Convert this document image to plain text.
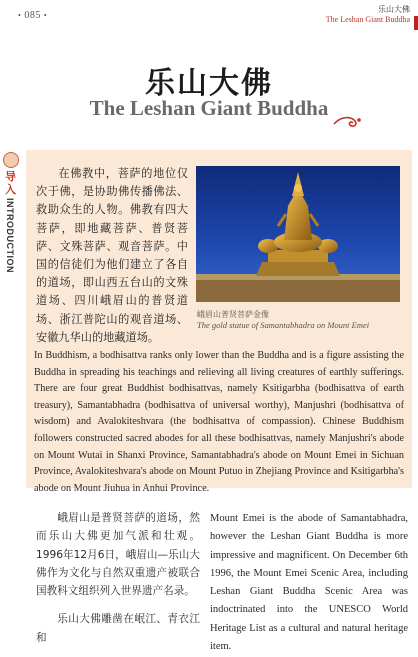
• 085 •
乐山大佛
The Leshan Giant Buddha
乐山大佛
The Leshan Giant Buddha
导入
INTRODUCTION
在佛教中，菩萨的地位仅次于佛，是协助佛传播佛法、救助众生的人物。佛教有四大菩萨，即地藏菩萨、普贤菩萨、文殊菩萨、观音菩萨。中国的信徒们为他们建立了各自的道场，即山西五台山的文殊道场、四川峨眉山的普贤道场、浙江普陀山的观音道场、安徽九华山的地藏道场。
峨眉山普贤菩萨金像
The gold statue of Samantabhadra on Mount Emei
In Buddhism, a bodhisattva ranks only lower than the Buddha and is a figure assisting the Buddha in spreading his teachings and relieving all living creatures of earthly sufferings. There are four great Buddhist bodhisattvas, namely Ksitigarbha (bodhisattva of earth treasury), Samantabhadra (bodhisattva of universal worthy), Manjushri (bodhisattva of wisdom) and Avalokiteshvara (the bodhisattva of compassion). Chinese Buddhism followers constructed sacred abodes for all these bodhisattvas, namely Manjushri's abode on Mount Wutai in Shanxi Province, Samantabhadra's abode on Mount Emei in Sichuan Province, Avalokiteshvara's abode on Mount Putuo in Zhejiang Province and Ksitigarbha's abode on Mount Jiuhua in Anhui Province.

峨眉山是普贤菩萨的道场，然而乐山大佛更加气派和壮观。1996年12月6日，峨眉山—乐山大佛作为文化与自然双重遗产被联合国教科文组织列入世界遗产名录。

乐山大佛雕凿在岷江、青衣江和

Mount Emei is the abode of Samantabhadra, however the Leshan Giant Buddha is more impressive and magnificent. On December 6th 1996, the Mount Emei Scenic Area, including Leshan Giant Buddha Scenic Area was indoctrinated into the UNESCO World Heritage List as a cultural and natural heritage item.
